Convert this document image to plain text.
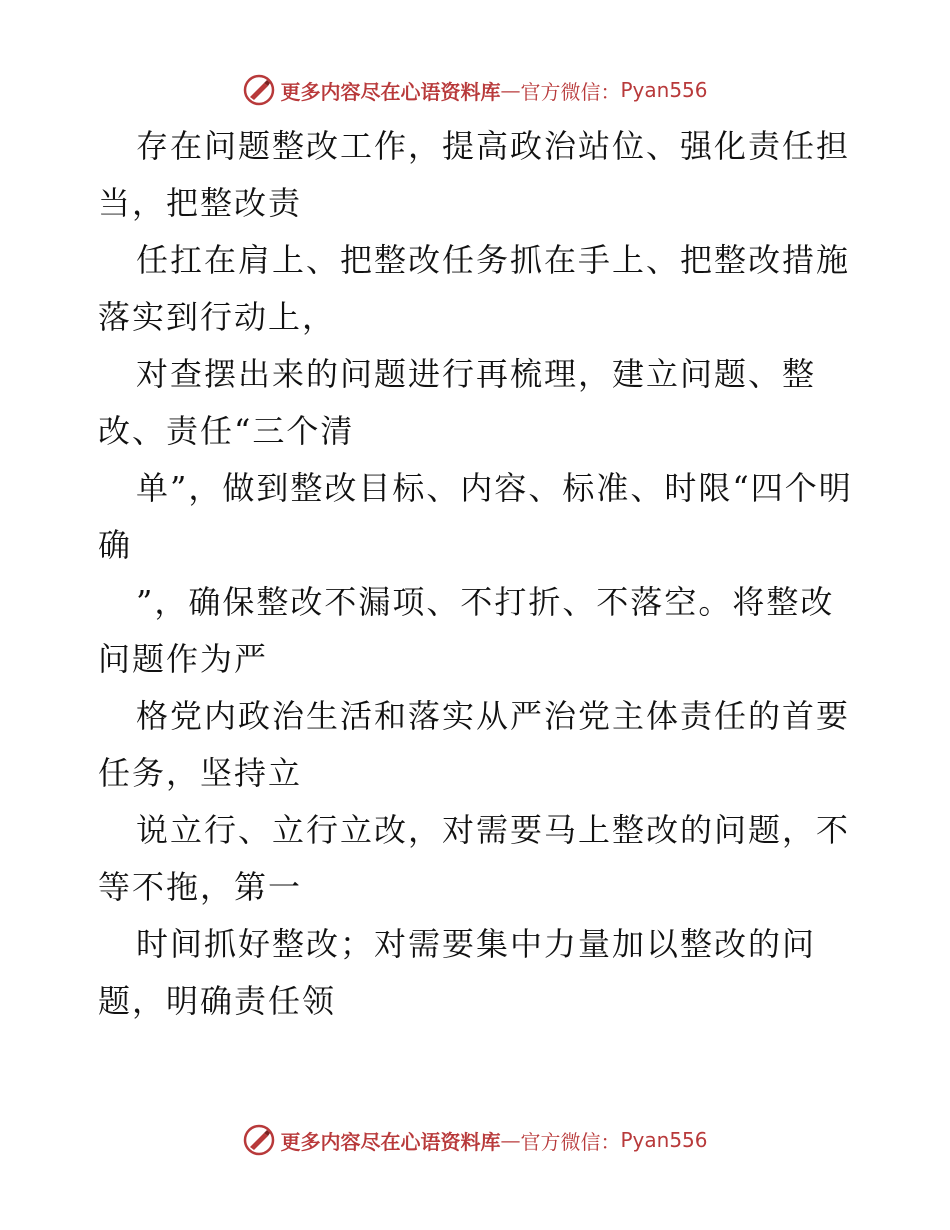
更多内容尽在心语资料库 — 官方微信： Pyan556

存在问题整改工作，提高政治站位、强化责任担当，把整改责

任扛在肩上、把整改任务抓在手上、把整改措施落实到行动上，

对查摆出来的问题进行再梳理，建立问题、整改、责任“三个清

单”，做到整改目标、内容、标准、时限“四个明确

”，确保整改不漏项、不打折、不落空。将整改问题作为严

格党内政治生活和落实从严治党主体责任的首要任务，坚持立

说立行、立行立改，对需要马上整改的问题，不等不拖，第一

时间抓好整改；对需要集中力量加以整改的问题，明确责任领

更多内容尽在心语资料库 — 官方微信： Pyan556
